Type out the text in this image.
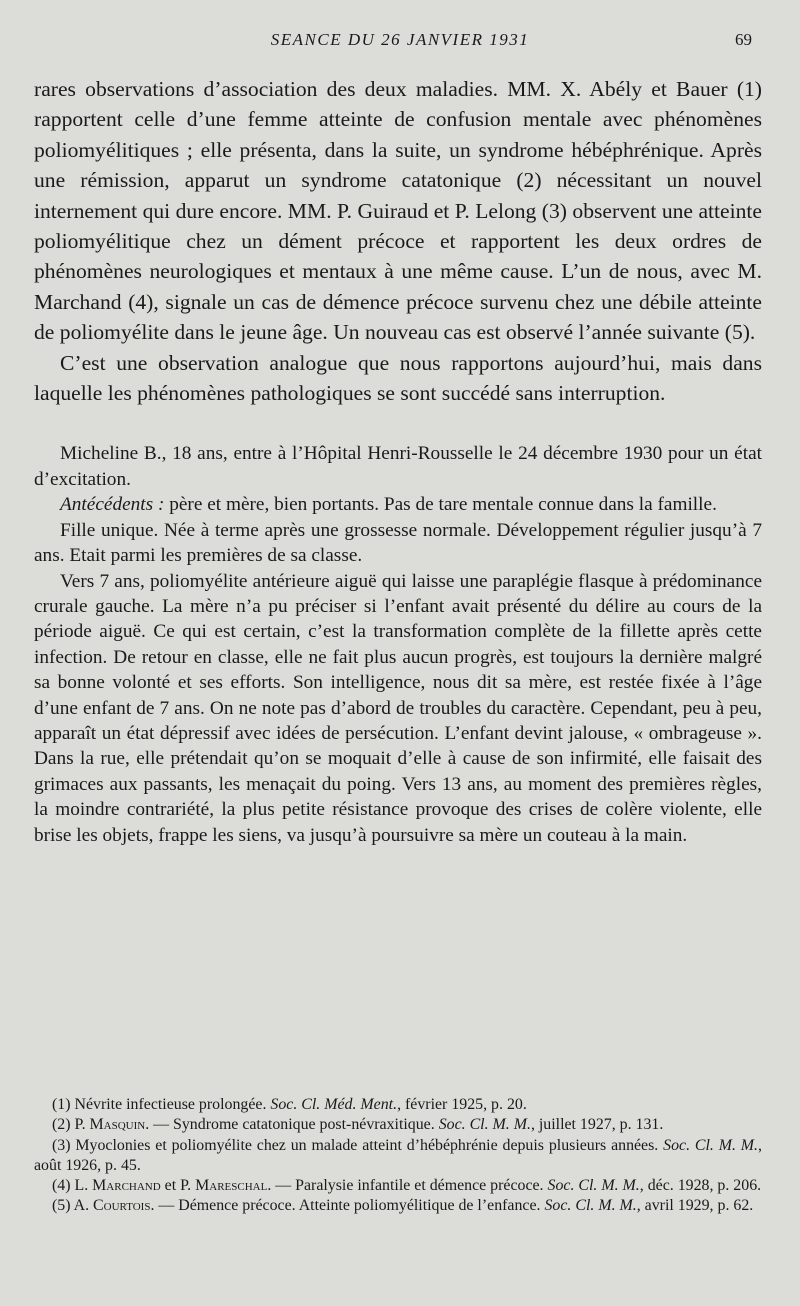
SEANCE DU 26 JANVIER 1931	69

rares observations d’association des deux maladies. MM. X. Abély et Bauer (1) rapportent celle d’une femme atteinte de confusion mentale avec phénomènes poliomyélitiques ; elle présenta, dans la suite, un syndrome hébéphrénique. Après une rémission, apparut un syndrome catatonique (2) nécessitant un nouvel internement qui dure encore. MM. P. Guiraud et P. Lelong (3) observent une atteinte poliomyélitique chez un dément précoce et rapportent les deux ordres de phénomènes neurologiques et mentaux à une même cause. L’un de nous, avec M. Marchand (4), signale un cas de démence précoce survenu chez une débile atteinte de poliomyélite dans le jeune âge. Un nouveau cas est observé l’année suivante (5).

C’est une observation analogue que nous rapportons aujourd’hui, mais dans laquelle les phénomènes pathologiques se sont succédé sans interruption.

Micheline B., 18 ans, entre à l’Hôpital Henri-Rousselle le 24 décembre 1930 pour un état d’excitation.

Antécédents : père et mère, bien portants. Pas de tare mentale connue dans la famille.

Fille unique. Née à terme après une grossesse normale. Développement régulier jusqu’à 7 ans. Etait parmi les premières de sa classe.

Vers 7 ans, poliomyélite antérieure aiguë qui laisse une paraplégie flasque à prédominance crurale gauche. La mère n’a pu préciser si l’enfant avait présenté du délire au cours de la période aiguë. Ce qui est certain, c’est la transformation complète de la fillette après cette infection. De retour en classe, elle ne fait plus aucun progrès, est toujours la dernière malgré sa bonne volonté et ses efforts. Son intelligence, nous dit sa mère, est restée fixée à l’âge d’une enfant de 7 ans. On ne note pas d’abord de troubles du caractère. Cependant, peu à peu, apparaît un état dépressif avec idées de persécution. L’enfant devint jalouse, « ombrageuse ». Dans la rue, elle prétendait qu’on se moquait d’elle à cause de son infirmité, elle faisait des grimaces aux passants, les menaçait du poing. Vers 13 ans, au moment des premières règles, la moindre contrariété, la plus petite résistance provoque des crises de colère violente, elle brise les objets, frappe les siens, va jusqu’à poursuivre sa mère un couteau à la main.

(1) Névrite infectieuse prolongée. Soc. Cl. Méd. Ment., février 1925, p. 20.

(2) P. Masquin. — Syndrome catatonique post-névraxitique. Soc. Cl. M. M., juillet 1927, p. 131.

(3) Myoclonies et poliomyélite chez un malade atteint d’hébéphrénie depuis plusieurs années. Soc. Cl. M. M., août 1926, p. 45.

(4) L. Marchand et P. Mareschal. — Paralysie infantile et démence précoce. Soc. Cl. M. M., déc. 1928, p. 206.

(5) A. Courtois. — Démence précoce. Atteinte poliomyélitique de l’enfance. Soc. Cl. M. M., avril 1929, p. 62.
